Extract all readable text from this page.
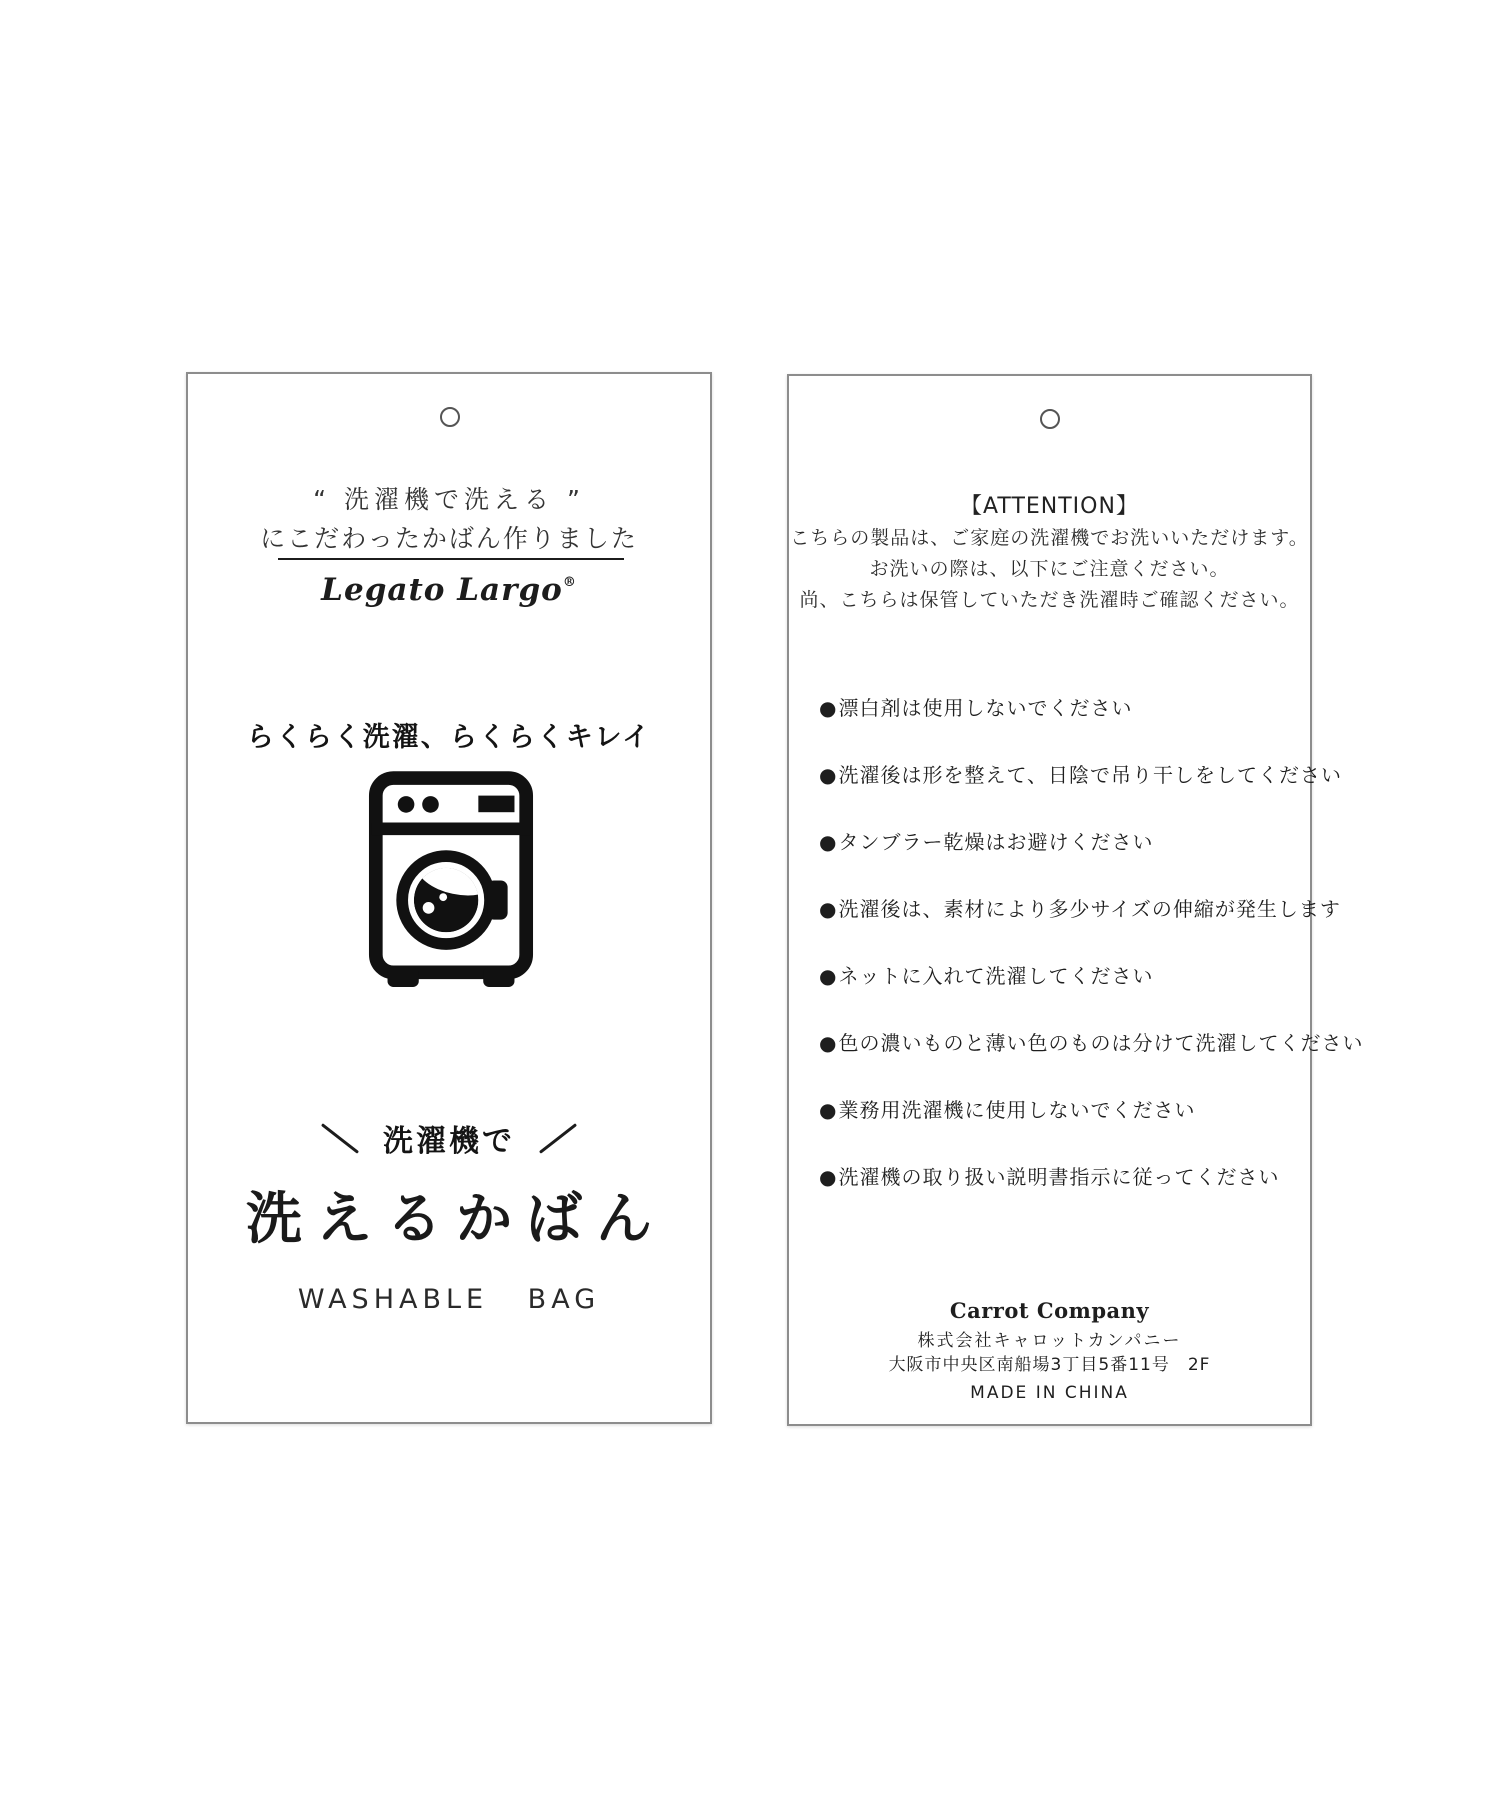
“ 洗濯機で洗える ”
にこだわったかばん作りました
Legato Largo®
らくらく洗濯、らくらくキレイ
洗濯機で
洗えるかばん
WASHABLE BAG
【ATTENTION】
こちらの製品は、ご家庭の洗濯機でお洗いいただけます。
お洗いの際は、以下にご注意ください。
尚、こちらは保管していただき洗濯時ご確認ください。
●漂白剤は使用しないでください
●洗濯後は形を整えて、日陰で吊り干しをしてください
●タンブラー乾燥はお避けください
●洗濯後は、素材により多少サイズの伸縮が発生します
●ネットに入れて洗濯してください
●色の濃いものと薄い色のものは分けて洗濯してください
●業務用洗濯機に使用しないでください
●洗濯機の取り扱い説明書指示に従ってください
Carrot Company
株式会社キャロットカンパニー
大阪市中央区南船場3丁目5番11号　2F
MADE IN CHINA
